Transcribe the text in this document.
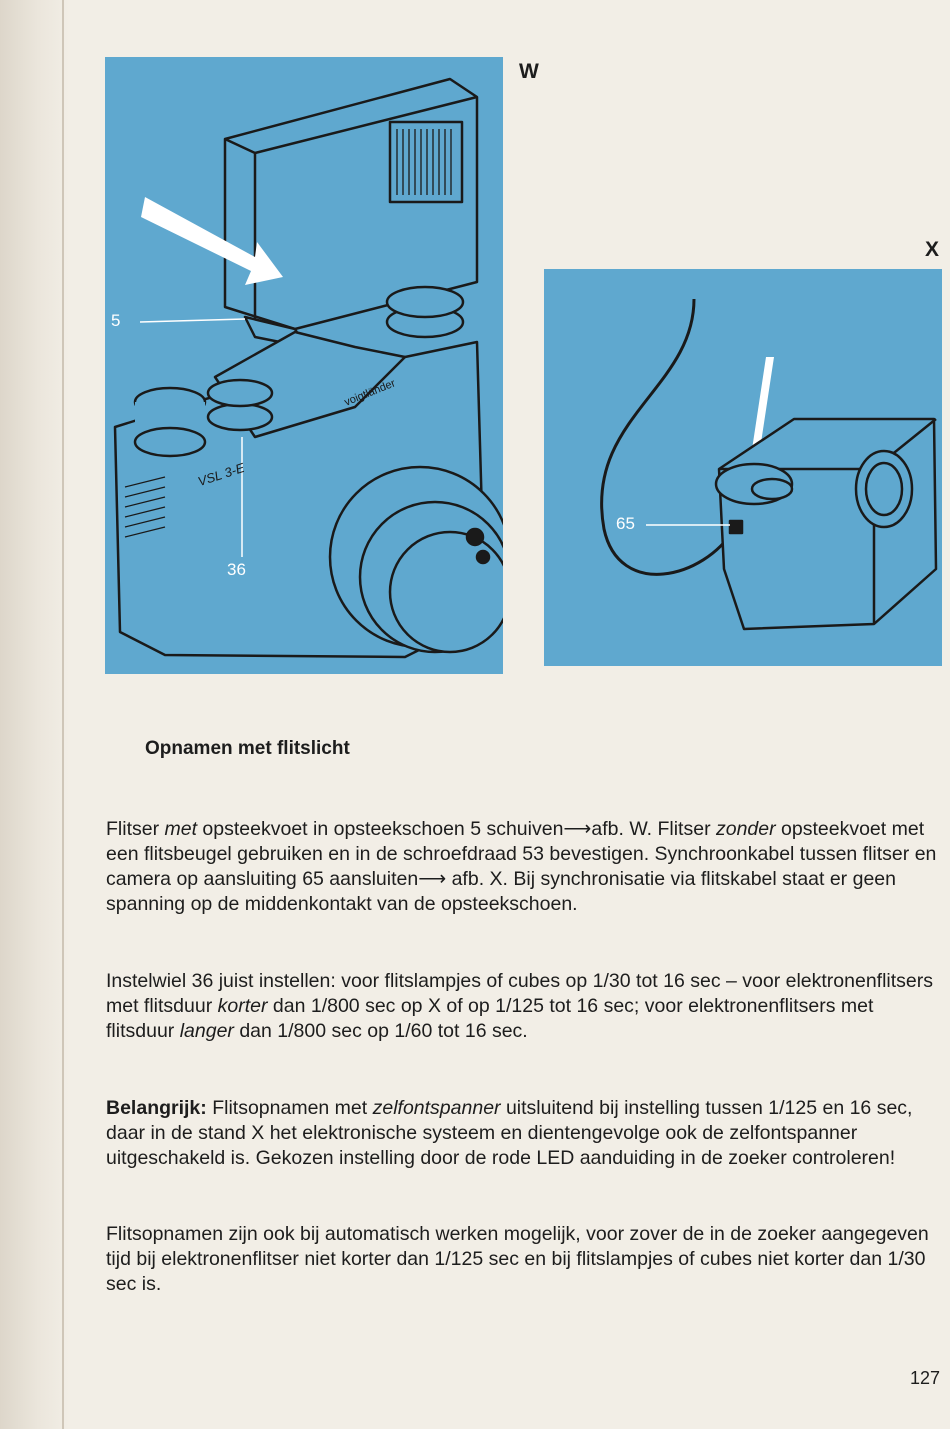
5
36
voigtländer
VSL 3-E
W
65
X
Opnamen met flitslicht

Flitser met opsteekvoet in opsteekschoen 5 schuiven⟶afb. W. Flitser zonder opsteekvoet met een flitsbeugel gebruiken en in de schroefdraad 53 bevestigen. Synchroonkabel tussen flitser en camera op aansluiting 65 aansluiten⟶ afb. X. Bij synchronisatie via flitskabel staat er geen spanning op de middenkontakt van de opsteekschoen.

Instelwiel 36 juist instellen: voor flitslampjes of cubes op 1/30 tot 16 sec – voor elektronenflitsers met flitsduur korter dan 1/800 sec op X of op 1/125 tot 16 sec; voor elektronenflitsers met flitsduur langer dan 1/800 sec op 1/60 tot 16 sec.

Belangrijk: Flitsopnamen met zelfontspanner uitsluitend bij instelling tussen 1/125 en 16 sec, daar in de stand X het elektronische systeem en dientengevolge ook de zelfontspanner uitgeschakeld is. Gekozen instelling door de rode LED aanduiding in de zoeker controleren!

Flitsopnamen zijn ook bij automatisch werken mogelijk, voor zover de in de zoeker aangegeven tijd bij elektronenflitser niet korter dan 1/125 sec en bij flitslampjes of cubes niet korter dan 1/30 sec is.

127
